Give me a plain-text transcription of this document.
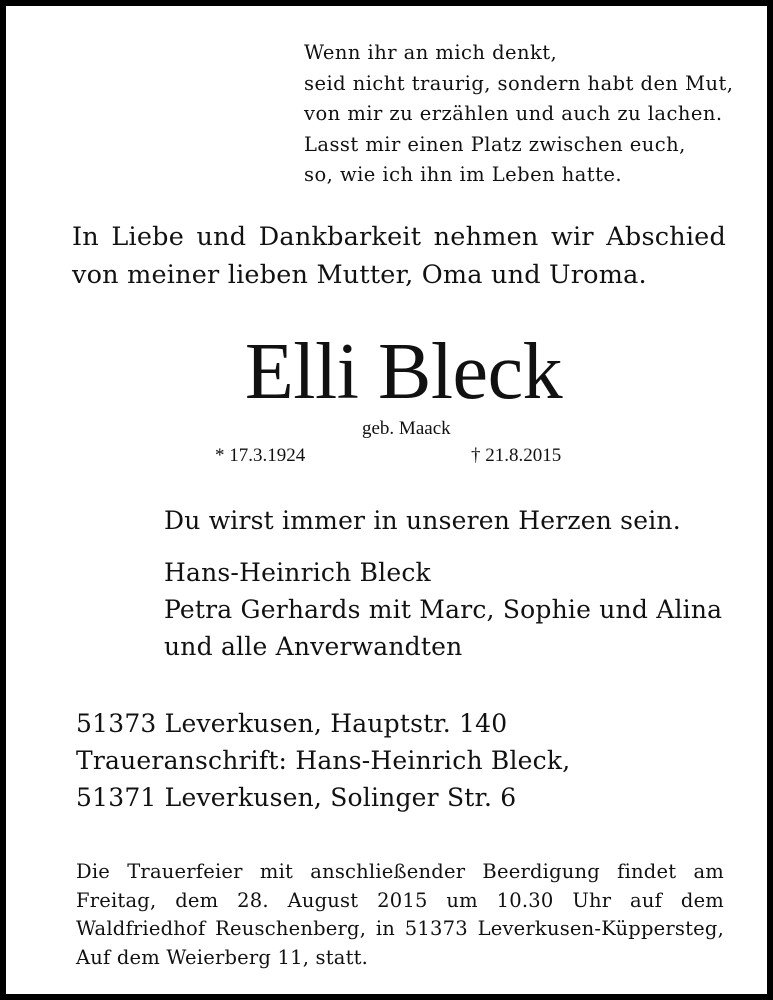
Wenn ihr an mich denkt,
seid nicht traurig, sondern habt den Mut,
von mir zu erzählen und auch zu lachen.
Lasst mir einen Platz zwischen euch,
so, wie ich ihn im Leben hatte.
In Liebe und Dankbarkeit nehmen wir Abschied
von meiner lieben Mutter, Oma und Uroma.
Elli Bleck
geb. Maack
* 17.3.1924	† 21.8.2015
Du wirst immer in unseren Herzen sein.
Hans-Heinrich Bleck
Petra Gerhards mit Marc, Sophie und Alina
und alle Anverwandten
51373 Leverkusen, Hauptstr. 140
Traueranschrift: Hans-Heinrich Bleck,
51371 Leverkusen, Solinger Str. 6
Die Trauerfeier mit anschließender Beerdigung findet am
Freitag, dem 28. August 2015 um 10.30 Uhr auf dem
Waldfriedhof Reuschenberg, in 51373 Leverkusen-Küppersteg,
Auf dem Weierberg 11, statt.
